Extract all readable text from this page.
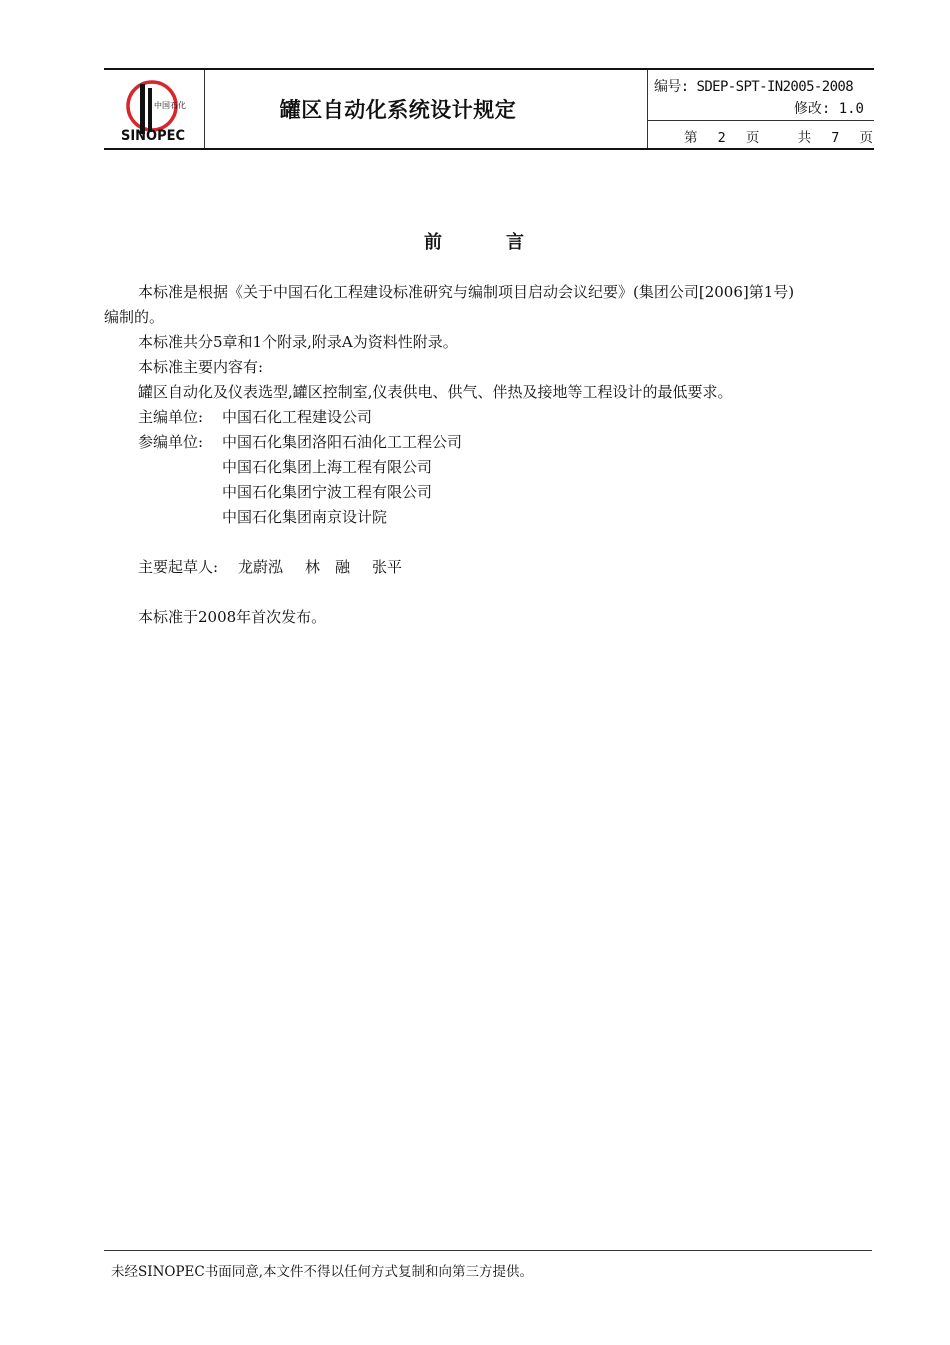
中国石化
SINOPEC
罐区自动化系统设计规定
编号: SDEP-SPT-IN2005-2008
修改: 1.0
第 2 页	共 7 页
前	言
本标准是根据《关于中国石化工程建设标准研究与编制项目启动会议纪要》(集团公司[2006]第1号)
编制的。
本标准共分5章和1个附录,附录A为资料性附录。
本标准主要内容有:
罐区自动化及仪表选型,罐区控制室,仪表供电、供气、伴热及接地等工程设计的最低要求。
主编单位: 中国石化工程建设公司
参编单位: 中国石化集团洛阳石油化工工程公司
中国石化集团上海工程有限公司
中国石化集团宁波工程有限公司
中国石化集团南京设计院
主要起草人: 龙蔚泓 林　融 张平
本标准于2008年首次发布。
未经SINOPEC书面同意,本文件不得以任何方式复制和向第三方提供。
